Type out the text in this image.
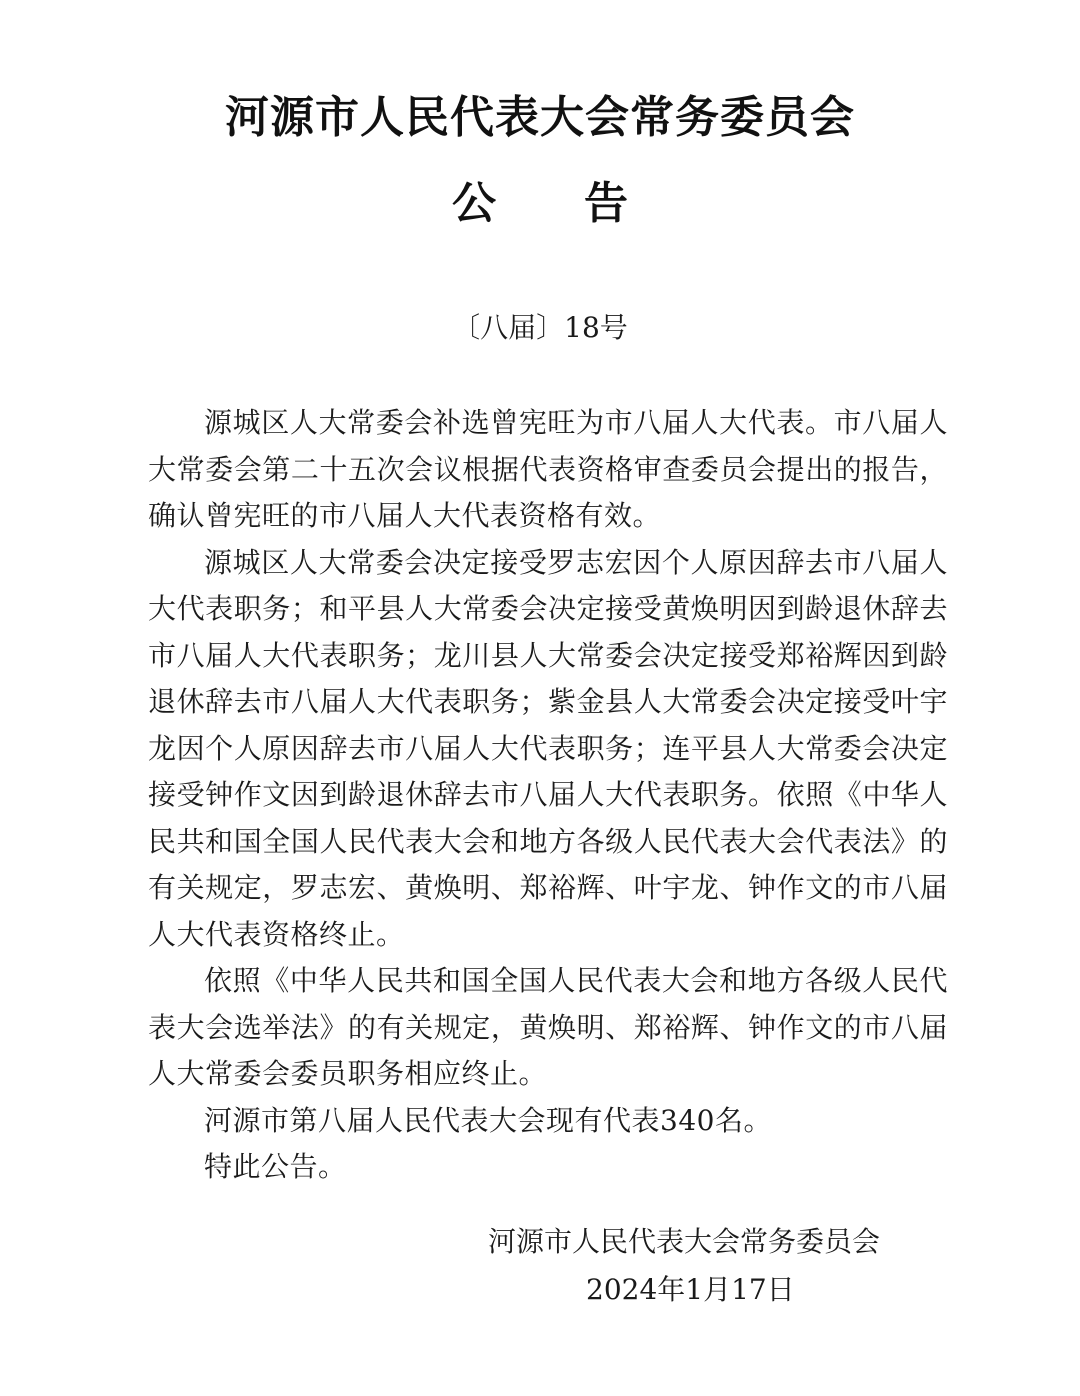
河源市人民代表大会常务委员会
公 告
〔八届〕18号

源城区人大常委会补选曾宪旺为市八届人大代表。市八届人大常委会第二十五次会议根据代表资格审查委员会提出的报告，确认曾宪旺的市八届人大代表资格有效。

源城区人大常委会决定接受罗志宏因个人原因辞去市八届人大代表职务；和平县人大常委会决定接受黄焕明因到龄退休辞去市八届人大代表职务；龙川县人大常委会决定接受郑裕辉因到龄退休辞去市八届人大代表职务；紫金县人大常委会决定接受叶宇龙因个人原因辞去市八届人大代表职务；连平县人大常委会决定接受钟作文因到龄退休辞去市八届人大代表职务。依照《中华人民共和国全国人民代表大会和地方各级人民代表大会代表法》的有关规定，罗志宏、黄焕明、郑裕辉、叶宇龙、钟作文的市八届人大代表资格终止。

依照《中华人民共和国全国人民代表大会和地方各级人民代表大会选举法》的有关规定，黄焕明、郑裕辉、钟作文的市八届人大常委会委员职务相应终止。

河源市第八届人民代表大会现有代表340名。

特此公告。

河源市人民代表大会常务委员会
2024年1月17日
